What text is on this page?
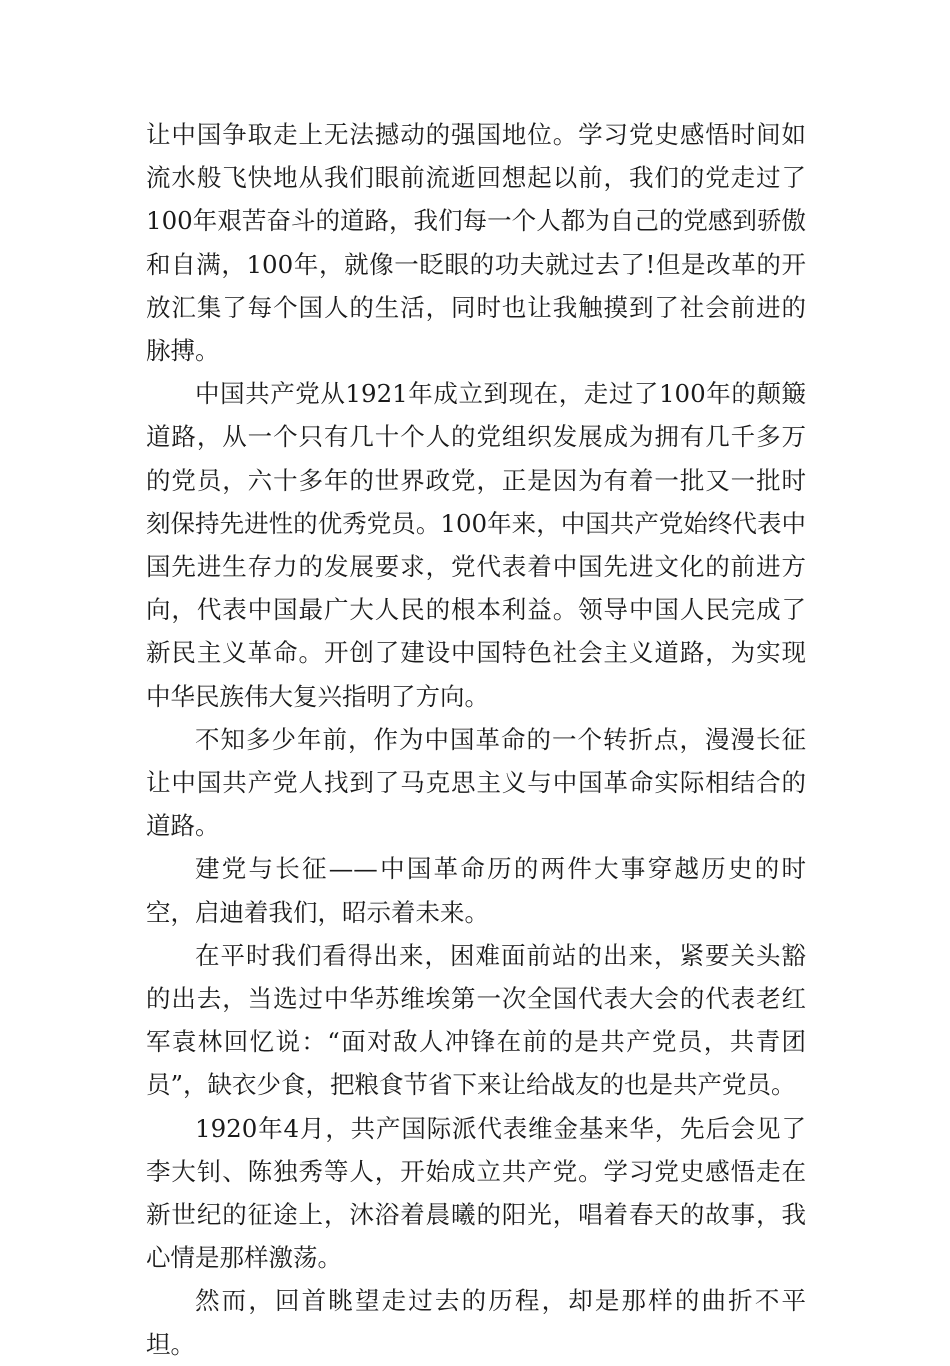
让中国争取走上无法撼动的强国地位。学习党史感悟时间如流水般飞快地从我们眼前流逝回想起以前，我们的党走过了100年艰苦奋斗的道路，我们每一个人都为自己的党感到骄傲和自满，100年，就像一眨眼的功夫就过去了!但是改革的开放汇集了每个国人的生活，同时也让我触摸到了社会前进的脉搏。

中国共产党从1921年成立到现在，走过了100年的颠簸道路，从一个只有几十个人的党组织发展成为拥有几千多万的党员，六十多年的世界政党，正是因为有着一批又一批时刻保持先进性的优秀党员。100年来，中国共产党始终代表中国先进生存力的发展要求，党代表着中国先进文化的前进方向，代表中国最广大人民的根本利益。领导中国人民完成了新民主义革命。开创了建设中国特色社会主义道路，为实现中华民族伟大复兴指明了方向。

不知多少年前，作为中国革命的一个转折点，漫漫长征让中国共产党人找到了马克思主义与中国革命实际相结合的道路。

建党与长征——中国革命历的两件大事穿越历史的时空，启迪着我们，昭示着未来。

在平时我们看得出来，困难面前站的出来，紧要关头豁的出去，当选过中华苏维埃第一次全国代表大会的代表老红军袁林回忆说：“面对敌人冲锋在前的是共产党员，共青团员”，缺衣少食，把粮食节省下来让给战友的也是共产党员。

1920年4月，共产国际派代表维金基来华，先后会见了李大钊、陈独秀等人，开始成立共产党。学习党史感悟走在新世纪的征途上，沐浴着晨曦的阳光，唱着春天的故事，我心情是那样激荡。

然而，回首眺望走过去的历程，却是那样的曲折不平坦。
